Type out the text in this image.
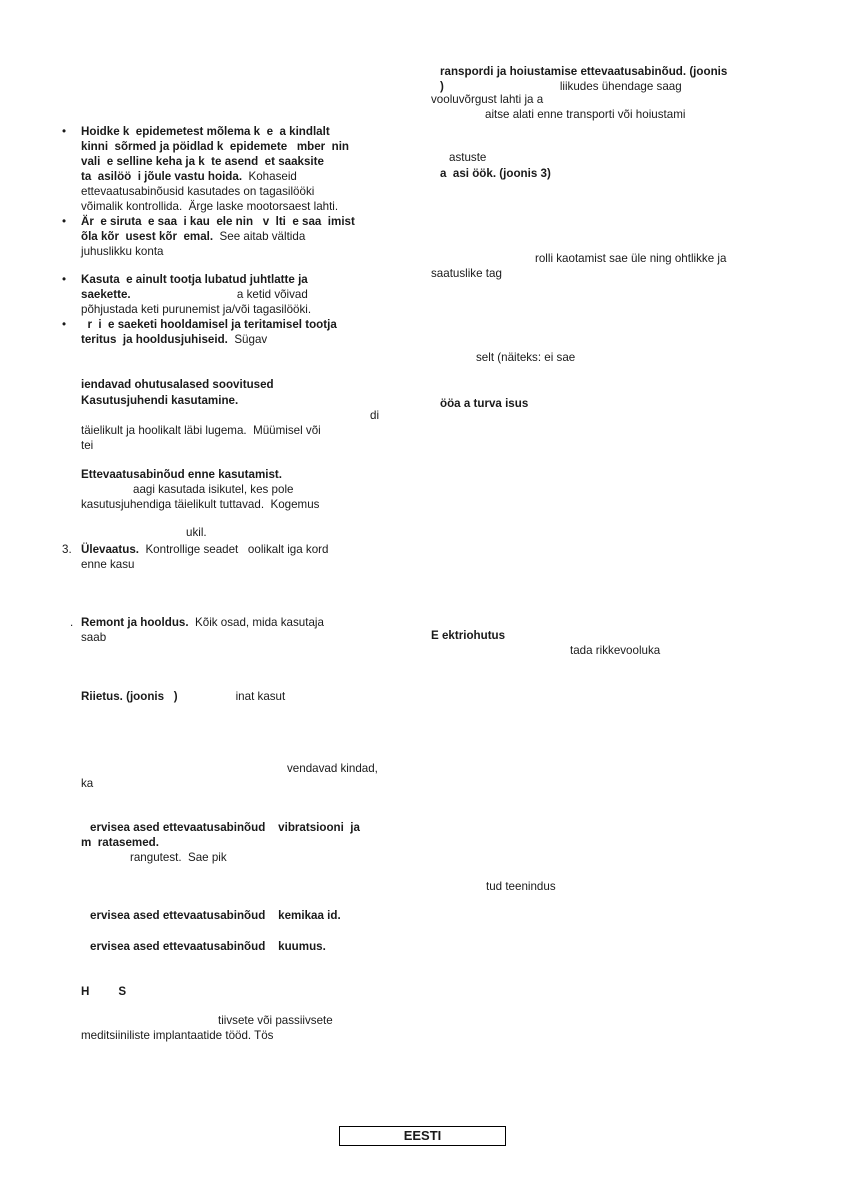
• Hoidke k  epidemetest mõlema k  e  a kindlalt
kinni  sõrmed ja pöidlad k  epidemete   mber  nin
vali  e selline keha ja k  te asend  et saaksite
ta  asilöö  i jõule vastu hoida.  Kohaseid
ettevaatusabinõusid kasutades on tagasilööki
võimalik kontrollida.  Ärge laske mootorsaest lahti.
• Är  e siruta  e saa  i kau  ele nin   v  lti  e saa  imist
õla kõr  usest kõr  emal.  See aitab vältida
juhuslikku konta
• Kasuta  e ainult tootja lubatud juhtlatte ja
saekette.                                 a ketid võivad
põhjustada keti purunemist ja/või tagasilööki.
• r  i  e saeketi hooldamisel ja teritamisel tootja
teritus  ja hooldusjuhiseid.  Sügav
iendavad ohutusalased soovitused
Kasutusjuhendi kasutamine.
di
täielikult ja hoolikalt läbi lugema.  Müümisel või
tei
Ettevaatusabinõud enne kasutamist.
aagi kasutada isikutel, kes pole
kasutusjuhendiga täielikult tuttavad.  Kogemus
ukil.
3. Ülevaatus.  Kontrollige seadet   oolikalt iga kord
enne kasu
. Remont ja hooldus.  Kõik osad, mida kasutaja
saab
Riietus. (joonis   )                  inat kasut
vendavad kindad,
ka
ervisea ased ettevaatusabinõud    vibratsiooni  ja
m  ratasemed.
rangutest.  Sae pik
ervisea ased ettevaatusabinõud    kemikaa id.
ervisea ased ettevaatusabinõud    kuumus.
H         S
tiivsete või passiivsete
meditsiiniliste implantaatide tööd. Tös
ranspordi ja hoiustamise ettevaatusabinõud. (joonis
)                                    liikudes ühendage saag
vooluvõrgust lahti ja a
aitse alati enne transporti või hoiustami
astuste
a  asi öök. (joonis 3)
rolli kaotamist sae üle ning ohtlikke ja
saatuslike tag
selt (näiteks: ei sae
ööa a turva isus
E ektriohutus
tada rikkevooluka
tud teenindus
EESTI
